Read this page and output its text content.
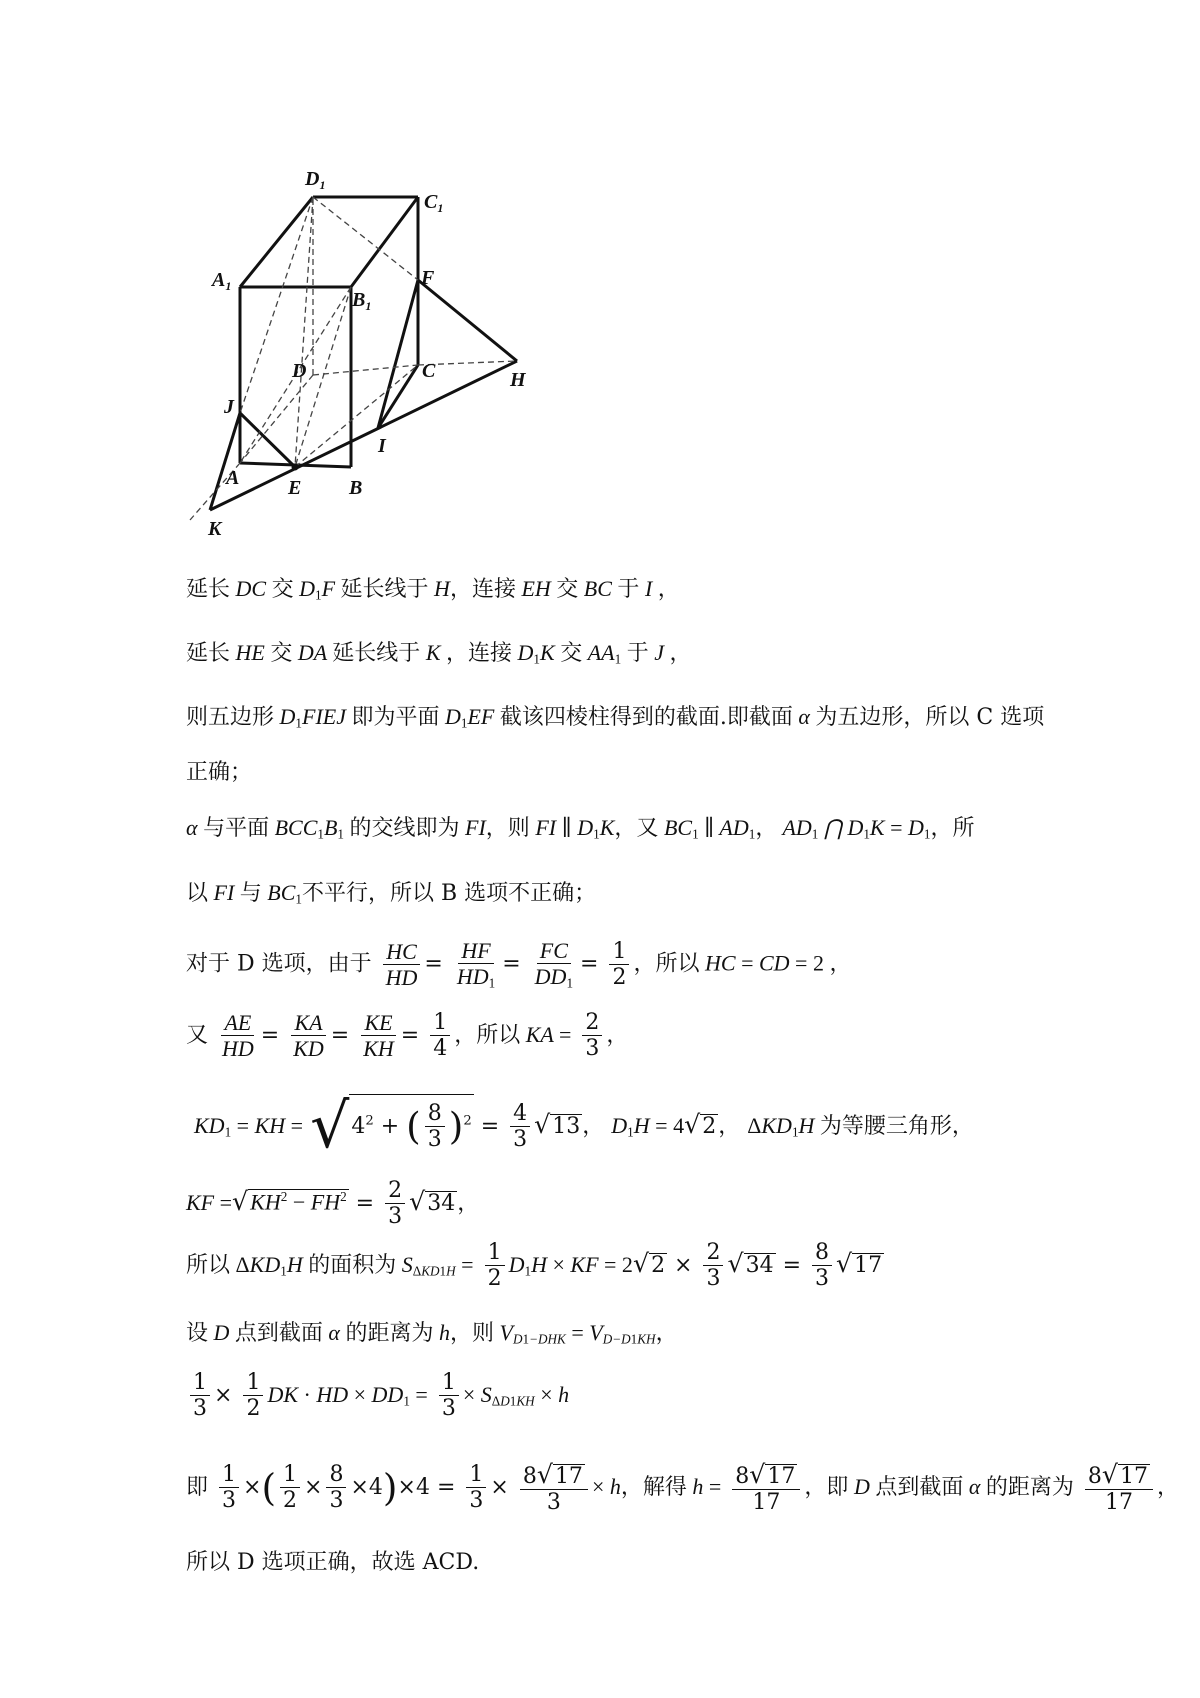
$D_1$
$C_1$
$A_1$
$B_1$
F
D	C	H
J
I
A E B
K
延长 DC 交 $D_1F$ 延长线于 H，连接 EH 交 BC 于 I ，
延长 HE 交 DA 延长线于 K ，连接 $D_1K$ 交 $AA_1$ 于 J ，
则五边形 $D_1FIEJ$ 即为平面 $D_1EF$ 截该四棱柱得到的截面.即截面 α 为五边形，所以 C 选项
正确；
α 与平面 $BCC_1B_1$ 的交线即为 FI，则 FI ∥ $D_1K$，又 $BC_1$ ∥ $AD_1$， $AD_1$ ⋂ $D_1K = D_1$，所
以 FI 与 $BC_1$不平行，所以 B 选项不正确；
对于 D 选项，由于 $\frac{HC}{HD} = \frac{HF}{HD_1} = \frac{FC}{DD_1} = \frac{1}{2}$ ，所以 HC = CD = 2 ，
又 $\frac{AE}{HD} = \frac{KA}{KD} = \frac{KE}{KH} = \frac{1}{4}$ ，所以 KA = $\frac{2}{3}$ ，
$KD_1$ = KH = $√4^2$ + ( $\frac{8}{3} )^2 = \frac{4}{3} √13$， $D_1H = 4√2$， $\Delta KD_1H$ 为等腰三角形，
KF $=√KH^2 - FH^2 = \frac{2}{3} √34$，
所以 $\Delta KD_1H$ 的面积为 $S_{\Delta KD1H} = \frac{1}{2} D_1H$ × KF = $2√2 \times \frac{2}{3} √34 = \frac{8}{3} √17$
设 D 点到截面 α 的距离为 h，则 $V_{D1-DHK} = V_{D-D1KH}$，
$\frac{1}{3} \times \frac{1}{2}$ DK · HD × $DD_1 = \frac{1}{3} \times S_{\Delta D1KH} \times h$
即 $\frac{1}{3}$ ×( $\frac{1}{2} \times \frac{8}{3} \times 4)\times 4 = \frac{1}{3} \times \frac{8√17}{3} \times h$，解得 $h = \frac{8√17}{17}$ ，即 D 点到截面 α 的距离为 $\frac{8√17}{17}$ ，
所以 D 选项正确，故选 ACD.
